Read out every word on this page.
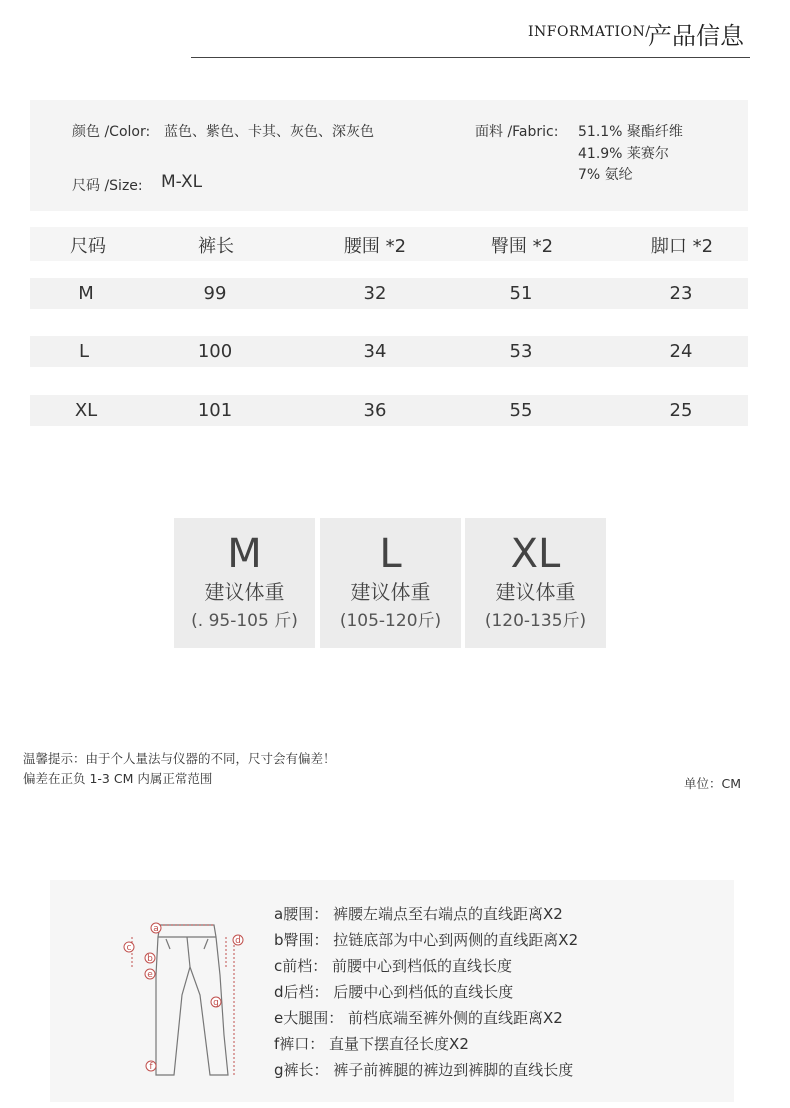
INFORMATION/
产品信息
颜色 /Color: 蓝色、紫色、卡其、灰色、深灰色
尺码 /Size: M-XL
面料 /Fabric: 51.1% 聚酯纤维
41.9% 莱赛尔
7% 氨纶
尺码	裤长	腰围 *2	臀围 *2	脚口 *2
M	99	32	51	23
L	100	34	53	24
XL	101	36	55	25
M
建议体重
(. 95-105 斤)
L
建议体重
(105-120斤)
XL
建议体重
(120-135斤)
温馨提示：由于个人量法与仪器的不同，尺寸会有偏差！
偏差在正负 1-3 CM 内属正常范围	单位：CM
a
b
c
d
e
f
g
a腰围： 裤腰左端点至右端点的直线距离X2
b臀围： 拉链底部为中心到两侧的直线距离X2
c前档： 前腰中心到档低的直线长度
d后档： 后腰中心到档低的直线长度
e大腿围： 前档底端至裤外侧的直线距离X2
f裤口： 直量下摆直径长度X2
g裤长： 裤子前裤腿的裤边到裤脚的直线长度
